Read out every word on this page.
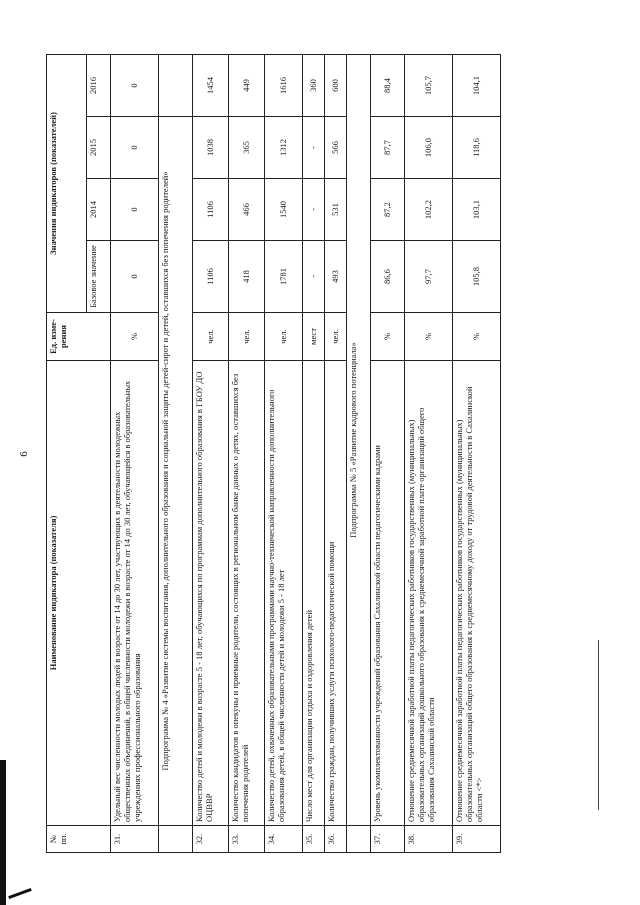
6
№ пп.	Наименование индикатора (показателя)	Ед. изме-рения	Значения индикаторов (показателей)			
			Базовое значение	2014	2015	2016
31.	Удельный вес численности молодых людей в возрасте от 14 до 30 лет, участвующих в деятельности молодежных общественных объединений, в общей численности молодежи в возрасте от 14 до 30 лет, обучающейся в образовательных учреждениях профессионального образования	%	0	0	0	0
	Подпрограмма № 4 «Развитие системы воспитания, дополнительного образования и социальной защиты детей-сирот и детей, оставшихся без попечения родителей»					
32.	Количество детей и молодежи в возрасте 5 - 18 лет, обучающихся по программам дополнительного образования в ГБОУ ДО ОЦВВР	чел.	1106	1106	1038	1454
33.	Количество кандидатов в опекуны и приемные родители, состоящих в региональном банке данных о детях, оставшихся без попечения родителей	чел.	418	466	365	449
34.	Количество детей, охваченных образовательными программами научно-технической направленности дополнительного образования детей, в общей численности детей и молодежи 5 - 18 лет	чел.	1781	1540	1312	1616
35.	Число мест для организации отдыха и оздоровления детей	мест	-	-	-	360
36.	Количество граждан, получивших услуги психолого-педагогической помощи	чел.	493	531	566	600
	Подпрограмма № 5 «Развитие кадрового потенциала»					
37.	Уровень укомплектованности учреждений образования Сахалинской области педагогическими кадрами	%	86,6	87,2	87,7	88,4
38.	Отношение среднемесячной заработной платы педагогических работников государственных (муниципальных) образовательных организаций дошкольного образования к среднемесячной заработной плате организаций общего образования Сахалинской области	%	97,7	102,2	106,0	105,7
39.	Отношение среднемесячной заработной платы педагогических работников государственных (муниципальных) образовательных организаций общего образования к среднемесячному доходу от трудовой деятельности в Сахалинской области <*>	%	105,8	103,1	118,6	104,1
